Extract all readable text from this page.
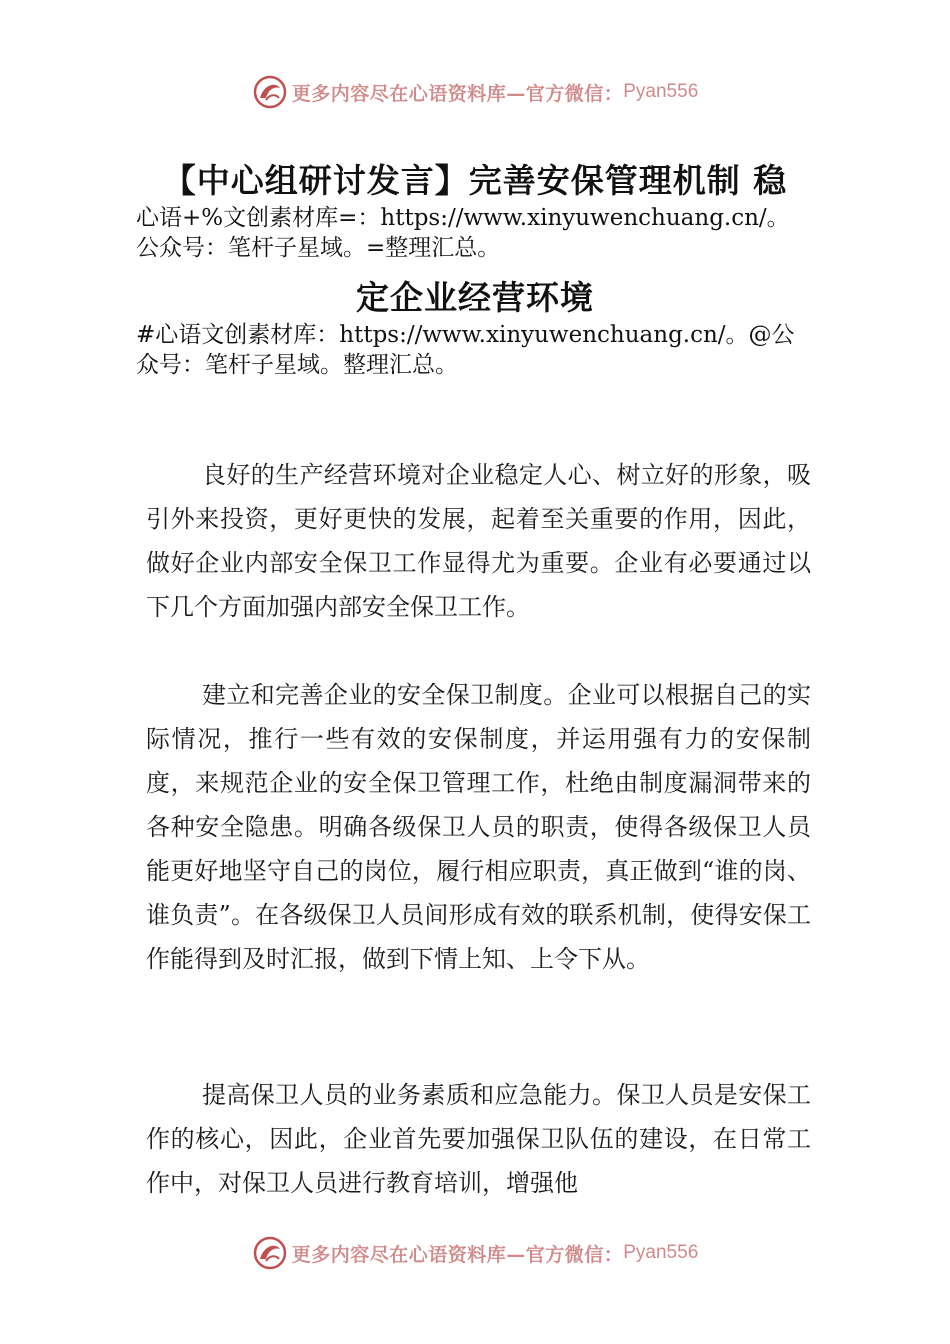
更多内容尽在心语资料库—官方微信： Pyan556
【中心组研讨发言】完善安保管理机制 稳
心语+%文创素材库=：https://www.xinyuwenchuang.cn/。
公众号：笔杆子星域。=整理汇总。
定企业经营环境
#心语文创素材库：https://www.xinyuwenchuang.cn/。@公
众号：笔杆子星域。整理汇总。

良好的生产经营环境对企业稳定人心、树立好的形象，吸引外来投资，更好更快的发展，起着至关重要的作用，因此，做好企业内部安全保卫工作显得尤为重要。企业有必要通过以下几个方面加强内部安全保卫工作。

建立和完善企业的安全保卫制度。企业可以根据自己的实际情况，推行一些有效的安保制度，并运用强有力的安保制度，来规范企业的安全保卫管理工作，杜绝由制度漏洞带来的各种安全隐患。明确各级保卫人员的职责，使得各级保卫人员能更好地坚守自己的岗位，履行相应职责，真正做到“谁的岗、谁负责”。在各级保卫人员间形成有效的联系机制，使得安保工作能得到及时汇报，做到下情上知、上令下从。

提高保卫人员的业务素质和应急能力。保卫人员是安保工作的核心，因此，企业首先要加强保卫队伍的建设，在日常工作中，对保卫人员进行教育培训，增强他

更多内容尽在心语资料库—官方微信： Pyan556
